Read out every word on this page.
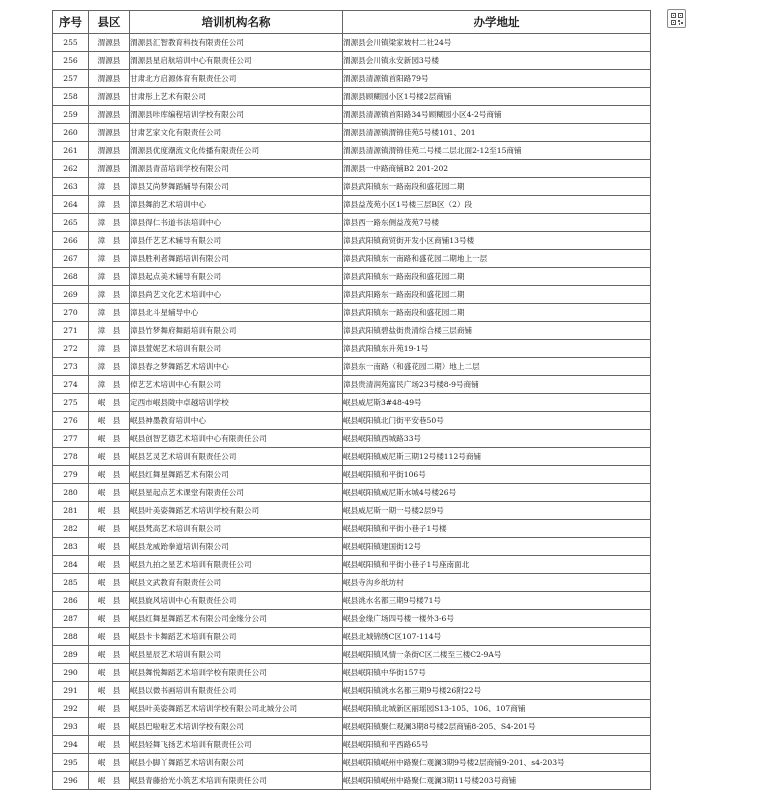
序号	县区	培训机构名称	办学地址
255	渭源县	渭源县汇智教育科技有限责任公司	渭源县会川镇梁家坡村二社24号
256	渭源县	渭源县星启航培训中心有限责任公司	渭源县会川镇永安新园3号楼
257	渭源县	甘肃北方启源体育有限责任公司	渭源县清源镇首阳路79号
258	渭源县	甘肃彤上艺术有限公司	渭源县顾糊园小区1号楼2层商铺
259	渭源县	渭源县咔库编程培训学校有限公司	渭源县清源镇首阳路34号顾糊园小区4-2号商铺
260	渭源县	甘肃艺家文化有限责任公司	渭源县清源镇渭锦佳苑5号楼101、201
261	渭源县	渭源县优度潮流文化传播有限责任公司	渭源县清源镇渭锦佳苑二号楼二层北面2-12至15商铺
262	渭源县	渭源县青苗培训学校有限公司	渭源县一中路商铺B2 201-202
263	漳　县	漳县艾尚梦舞蹈辅导有限公司	漳县武阳镇东一路南段和盛花园二期
264	漳　县	漳县舞韵艺术培训中心	漳县益茂苑小区1号楼三层B区（2）段
265	漳　县	漳县得仁书道书法培训中心	漳县西一路东侧益茂苑7号楼
266	漳　县	漳县仟艺艺术辅导有限公司	漳县武阳镇商贸街开发小区商铺13号楼
267	漳　县	漳县胜利者舞蹈培训有限公司	漳县武阳镇东一南路和盛花园二期地上一层
268	漳　县	漳县起点美术辅导有限公司	漳县武阳镇东一路南段和盛花园二期
269	漳　县	漳县尚艺文化艺术培训中心	漳县武阳路东一路南段和盛花园二期
270	漳　县	漳县北斗星辅导中心	漳县武阳镇东一路南段和盛花园二期
271	漳　县	漳县竹梦舞府舞蹈培训有限公司	漳县武阳镇碧盐街贵清综合楼三层商铺
272	漳　县	漳县萱妮艺术培训有限公司	漳县武阳镇东升苑19-1号
273	漳　县	漳县春之梦舞蹈艺术培训中心	漳县东一南路（和盛花园二期）地上二层
274	漳　县	倬艺艺术培训中心有限公司	漳县贵清润苑富民广场23号楼8-9号商铺
275	岷　县	定西市岷县陇中卓越培训学校	岷县威尼斯3#48-49号
276	岷　县	岷县神墨教育培训中心	岷县岷阳镇北门街平安巷50号
277	岷　县	岷县创智艺德艺术培训中心有限责任公司	岷县岷阳镇西城路33号
278	岷　县	岷县艺灵艺术培训有限责任公司	岷县岷阳镇威尼斯三期12号楼112号商铺
279	岷　县	岷县红舞星舞蹈艺术有限公司	岷县岷阳镇和平街106号
280	岷　县	岷县星起点艺术课堂有限责任公司	岷县岷阳镇威尼斯水城4号楼26号
281	岷　县	岷县叶美姿舞蹈艺术培训学校有限公司	岷县威尼斯一期一号楼2层9号
282	岷　县	岷县梵高艺术培训有限公司	岷县岷阳镇和平街小巷子1号楼
283	岷　县	岷县龙威跆拳道培训有限公司	岷县岷阳镇建国街12号
284	岷　县	岷县九拍之星艺术培训有限责任公司	岷县岷阳镇和平街小巷子1号座南面北
285	岷　县	岷县文武教育有限责任公司	岷县寺沟乡纸坊村
286	岷　县	岷县旋风培训中心有限责任公司	岷县洮水名都三期9号楼71号
287	岷　县	岷县红舞星舞蹈艺术有限公司金缘分公司	岷县金缘广场四号楼一楼外3-6号
288	岷　县	岷县卡卡舞蹈艺术培训有限公司	岷县北城锦绣C区107-114号
289	岷　县	岷县星辰艺术培训有限公司	岷县岷阳镇风情一条街C区二楼至三楼C2-9A号
290	岷　县	岷县舞悦舞蹈艺术培训学校有限责任公司	岷县岷阳镇中华街157号
291	岷　县	岷县以微书画培训有限责任公司	岷县岷阳镇洮水名都三期9号楼26附22号
292	岷　县	岷县叶美姿舞蹈艺术培训学校有限公司北城分公司	岷县岷阳镇北城新区丽瑶园S13-105、106、107商铺
293	岷　县	岷县巴啦啦艺术培训学校有限公司	岷县岷阳镇聚仁观澜3期8号楼2层商铺8-205、S4-201号
294	岷　县	岷县轻舞飞扬艺术培训有限责任公司	岷县岷阳镇和平西路65号
295	岷　县	岷县小脚丫舞蹈艺术培训有限公司	岷县岷阳镇岷州中路聚仁观澜3期9号楼2层商铺9-201、s4-203号
296	岷　县	岷县青藤拾光小筑艺术培训有限责任公司	岷县岷阳镇岷州中路聚仁观澜3期11号楼203号商铺
